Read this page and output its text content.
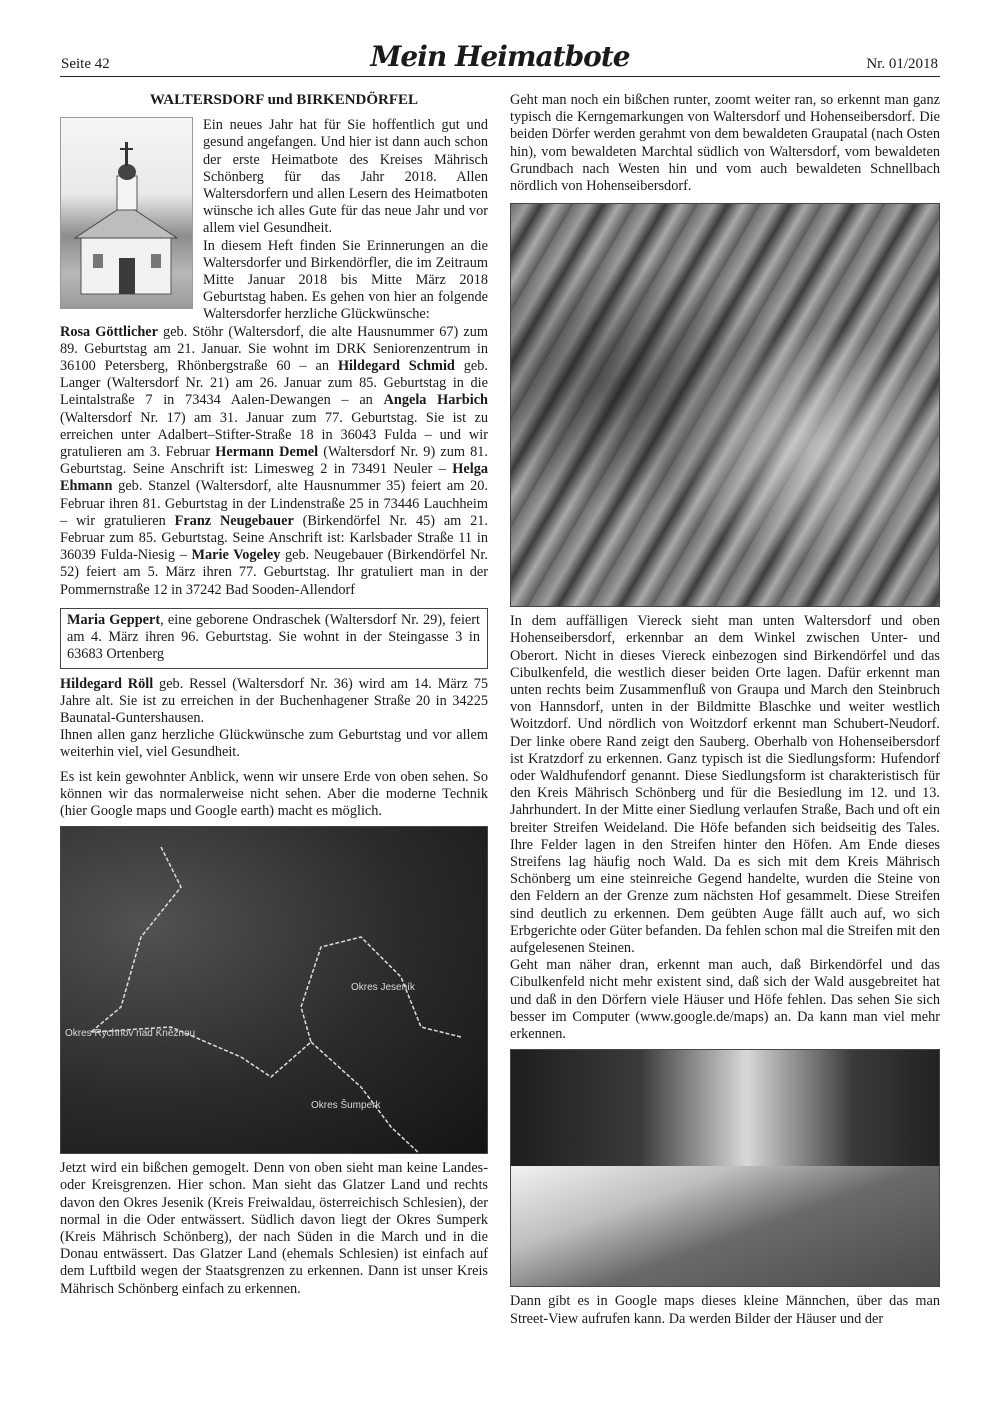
Seite 42	Mein Heimatbote	Nr. 01/2018
WALTERSDORF und BIRKENDÖRFEL

Ein neues Jahr hat für Sie hoffentlich gut und gesund angefangen. Und hier ist dann auch schon der erste Heimatbote des Kreises Mährisch Schönberg für das Jahr 2018. Allen Waltersdorfern und allen Lesern des Heimatboten wünsche ich alles Gute für das neue Jahr und vor allem viel Gesundheit.

In diesem Heft finden Sie Erinnerungen an die Waltersdorfer und Birkendörfler, die im Zeitraum Mitte Januar 2018 bis Mitte März 2018 Geburtstag haben. Es gehen von hier an folgende Waltersdorfer herzliche Glückwünsche:

Rosa Göttlicher geb. Stöhr (Waltersdorf, die alte Hausnummer 67) zum 89. Geburtstag am 21. Januar. Sie wohnt im DRK Seniorenzentrum in 36100 Petersberg, Rhönbergstraße 60 – an Hildegard Schmid geb. Langer (Waltersdorf Nr. 21) am 26. Januar zum 85. Geburtstag in die Leintalstraße 7 in 73434 Aalen-Dewangen – an Angela Harbich (Waltersdorf Nr. 17) am 31. Januar zum 77. Geburtstag. Sie ist zu erreichen unter Adalbert–Stifter-Straße 18 in 36043 Fulda – und wir gratulieren am 3. Februar Hermann Demel (Waltersdorf Nr. 9) zum 81. Geburtstag. Seine Anschrift ist: Limesweg 2 in 73491 Neuler – Helga Ehmann geb. Stanzel (Waltersdorf, alte Hausnummer 35) feiert am 20. Februar ihren 81. Geburtstag in der Lindenstraße 25 in 73446 Lauchheim – wir gratulieren Franz Neugebauer (Birkendörfel Nr. 45) am 21. Februar zum 85. Geburtstag. Seine Anschrift ist: Karlsbader Straße 11 in 36039 Fulda-Niesig – Marie Vogeley geb. Neugebauer (Birkendörfel Nr. 52) feiert am 5. März ihren 77. Geburtstag. Ihr gratuliert man in der Pommernstraße 12 in 37242 Bad Sooden-Allendorf

Maria Geppert, eine geborene Ondraschek (Waltersdorf Nr. 29), feiert am 4. März ihren 96. Geburtstag. Sie wohnt in der Steingasse 3 in 63683 Ortenberg

Hildegard Röll geb. Ressel (Waltersdorf Nr. 36) wird am 14. März 75 Jahre alt. Sie ist zu erreichen in der Buchenhagener Straße 20 in 34225 Baunatal-Guntershausen.

Ihnen allen ganz herzliche Glückwünsche zum Geburtstag und vor allem weiterhin viel, viel Gesundheit.

Es ist kein gewohnter Anblick, wenn wir unsere Erde von oben sehen. So können wir das normalerweise nicht sehen. Aber die moderne Technik (hier Google maps und Google earth) macht es möglich.

Okres Jeseník
Okres Rychnov nad Kněžnou
Okres Šumperk

Jetzt wird ein bißchen gemogelt. Denn von oben sieht man keine Landes- oder Kreisgrenzen. Hier schon. Man sieht das Glatzer Land und rechts davon den Okres Jesenik (Kreis Freiwaldau, österreichisch Schlesien), der normal in die Oder entwässert. Südlich davon liegt der Okres Sumperk (Kreis Mährisch Schönberg), der nach Süden in die March und in die Donau entwässert. Das Glatzer Land (ehemals Schlesien) ist einfach auf dem Luftbild wegen der Staatsgrenzen zu erkennen. Dann ist unser Kreis Mährisch Schönberg einfach zu erkennen.

Geht man noch ein bißchen runter, zoomt weiter ran, so erkennt man ganz typisch die Kerngemarkungen von Waltersdorf und Hohenseibersdorf. Die beiden Dörfer werden gerahmt von dem bewaldeten Graupatal (nach Osten hin), vom bewaldeten Marchtal südlich von Waltersdorf, vom bewaldeten Grundbach nach Westen hin und vom auch bewaldeten Schnellbach nördlich von Hohenseibersdorf.

In dem auffälligen Viereck sieht man unten Waltersdorf und oben Hohenseibersdorf, erkennbar an dem Winkel zwischen Unter- und Oberort. Nicht in dieses Viereck einbezogen sind Birkendörfel und das Cibulkenfeld, die westlich dieser beiden Orte lagen. Dafür erkennt man unten rechts beim Zusammenfluß von Graupa und March den Steinbruch von Hannsdorf, unten in der Bildmitte Blaschke und weiter westlich Woitzdorf. Und nördlich von Woitzdorf erkennt man Schubert-Neudorf. Der linke obere Rand zeigt den Sauberg. Oberhalb von Hohenseibersdorf ist Kratzdorf zu erkennen. Ganz typisch ist die Siedlungsform: Hufendorf oder Waldhufendorf genannt. Diese Siedlungsform ist charakteristisch für den Kreis Mährisch Schönberg und für die Besiedlung im 12. und 13. Jahrhundert. In der Mitte einer Siedlung verlaufen Straße, Bach und oft ein breiter Streifen Weideland. Die Höfe befanden sich beidseitig des Tales. Ihre Felder lagen in den Streifen hinter den Höfen. Am Ende dieses Streifens lag häufig noch Wald. Da es sich mit dem Kreis Mährisch Schönberg um eine steinreiche Gegend handelte, wurden die Steine von den Feldern an der Grenze zum nächsten Hof gesammelt. Diese Streifen sind deutlich zu erkennen. Dem geübten Auge fällt auch auf, wo sich Erbgerichte oder Güter befanden. Da fehlen schon mal die Streifen mit den aufgelesenen Steinen.

Geht man näher dran, erkennt man auch, daß Birkendörfel und das Cibulkenfeld nicht mehr existent sind, daß sich der Wald ausgebreitet hat und daß in den Dörfern viele Häuser und Höfe fehlen. Das sehen Sie sich besser im Computer (www.google.de/maps) an. Da kann man viel mehr erkennen.

Dann gibt es in Google maps dieses kleine Männchen, über das man Street-View aufrufen kann. Da werden Bilder der Häuser und der
